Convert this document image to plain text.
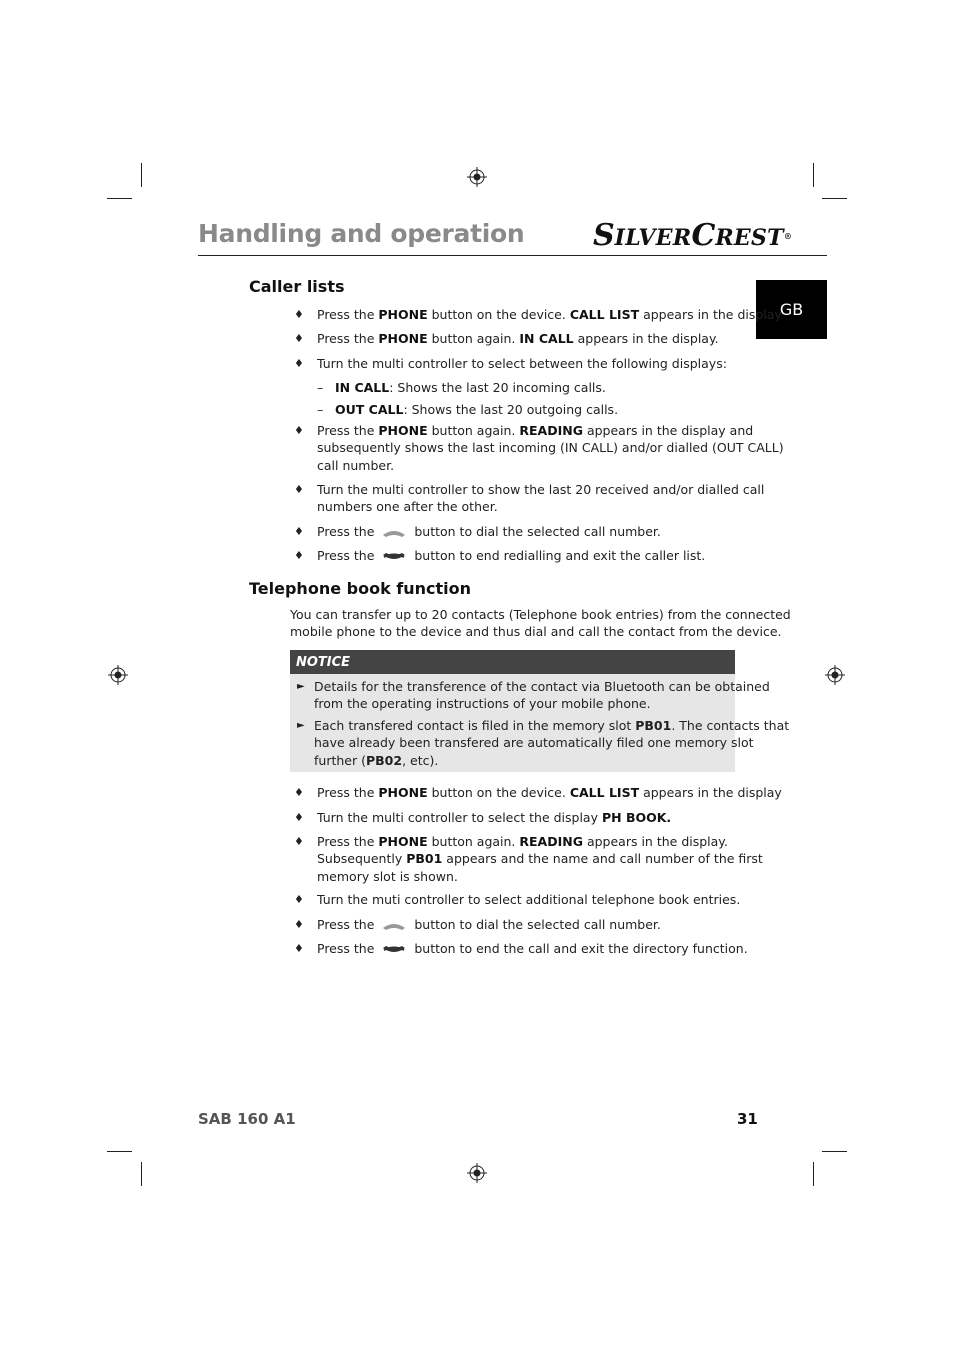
Handling and operation SILVERCREST®
GB
Caller lists
♦ Press the PHONE button on the device. CALL LIST appears in the display
♦ Press the PHONE button again. IN CALL appears in the display.
♦ Turn the multi controller to select between the following displays:
– IN CALL: Shows the last 20 incoming calls.
– OUT CALL: Shows the last 20 outgoing calls.
♦ Press the PHONE button again. READING appears in the display and
subsequently shows the last incoming (IN CALL) and/or dialled (OUT CALL)
call number.
♦ Turn the multi controller to show the last 20 received and/or dialled call
numbers one after the other.
♦ Press the	button to dial the selected call number.
♦ Press the	button to end redialling and exit the caller list.
Telephone book function
You can transfer up to 20 contacts (Telephone book entries) from the connected
mobile phone to the device and thus dial and call the contact from the device.
NOTICE
► Details for the transference of the contact via Bluetooth can be obtained
from the operating instructions of your mobile phone.
► Each transfered contact is filed in the memory slot PB01. The contacts that
have already been transfered are automatically filed one memory slot
further (PB02, etc).
♦ Press the PHONE button on the device. CALL LIST appears in the display
♦ Turn the multi controller to select the display PH BOOK.
♦ Press the PHONE button again. READING appears in the display.
Subsequently PB01 appears and the name and call number of the first
memory slot is shown.
♦ Turn the muti controller to select additional telephone book entries.
♦ Press the	button to dial the selected call number.
♦ Press the	button to end the call and exit the directory function.
SAB 160 A1	31
